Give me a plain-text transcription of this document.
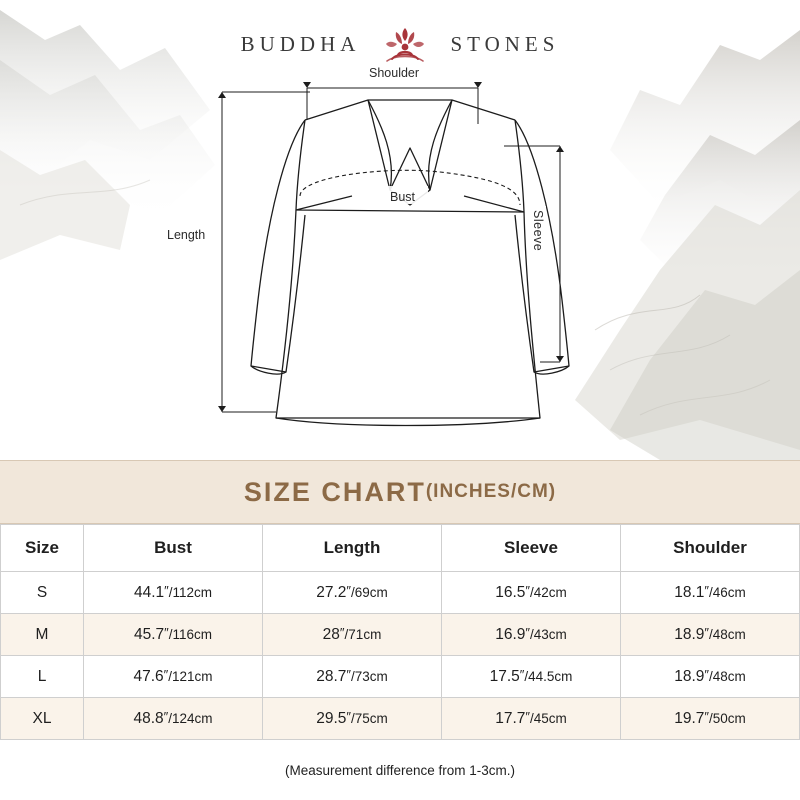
BUDDHA	STONES
Shoulder
Bust
Length	Sleeve
SIZE CHART (INCHES/CM)
Size	Bust	Length	Sleeve	Shoulder
S	44.1″/112cm	27.2″/69cm	16.5″/42cm	18.1″/46cm
M	45.7″/116cm	28″/71cm	16.9″/43cm	18.9″/48cm
L	47.6″/121cm	28.7″/73cm	17.5″/44.5cm	18.9″/48cm
XL	48.8″/124cm	29.5″/75cm	17.7″/45cm	19.7″/50cm
(Measurement difference from 1-3cm.)
